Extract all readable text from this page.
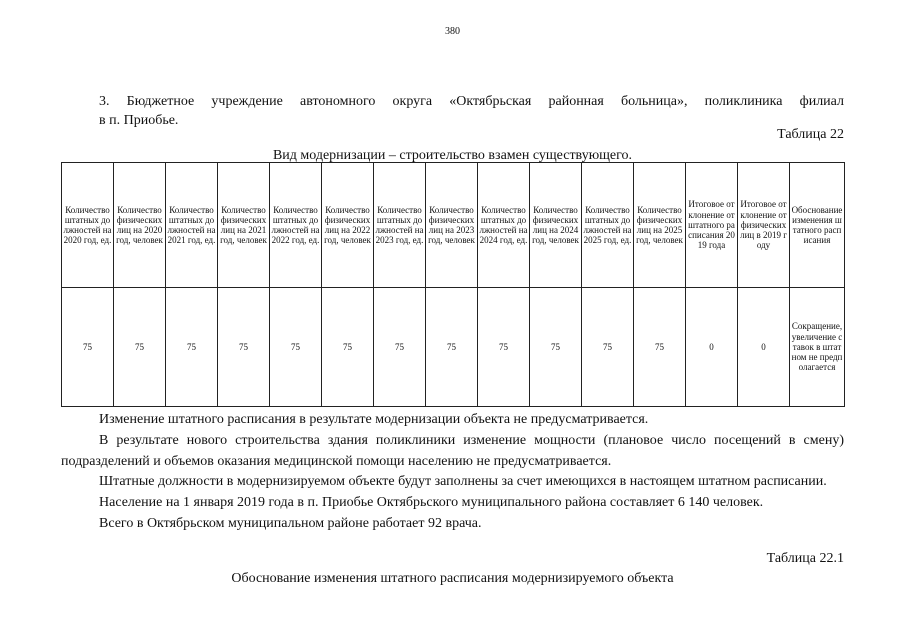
380
3. Бюджетное учреждение автономного округа «Октябрьская районная больница», поликлиника филиал
в п. Приобье.
Таблица 22
Вид модернизации – строительство взамен существующего.
Количество штатных должностей на 2020 год, ед.	Количество физических лиц на 2020 год, человек	Количество штатных должностей на 2021 год, ед.	Количество физических лиц на 2021 год, человек	Количество штатных должностей на 2022 год, ед.	Количество физических лиц на 2022 год, человек	Количество штатных должностей на 2023 год, ед.	Количество физических лиц на 2023 год, человек	Количество штатных должностей на 2024 год, ед.	Количество физических лиц на 2024 год, человек	Количество штатных должностей на 2025 год, ед.	Количество физических лиц на 2025 год, человек	Итоговое отклонение от штатного расписания 2019 года	Итоговое отклонение от физических лиц в 2019 году	Обоснование изменения штатного расписания
75	75	75	75	75	75	75	75	75	75	75	75	0	0	Сокращение, увеличение ставок в штатном не предполагается

Изменение штатного расписания в результате модернизации объекта не предусматривается.

В результате нового строительства здания поликлиники изменение мощности (плановое число посещений в смену) подразделений и объемов оказания медицинской помощи населению не предусматривается.

Штатные должности в модернизируемом объекте будут заполнены за счет имеющихся в настоящем штатном расписании.

Население на 1 января 2019 года в п. Приобье Октябрьского муниципального района составляет 6 140 человек.

Всего в Октябрьском муниципальном районе работает 92 врача.

Таблица 22.1
Обоснование изменения штатного расписания модернизируемого объекта
